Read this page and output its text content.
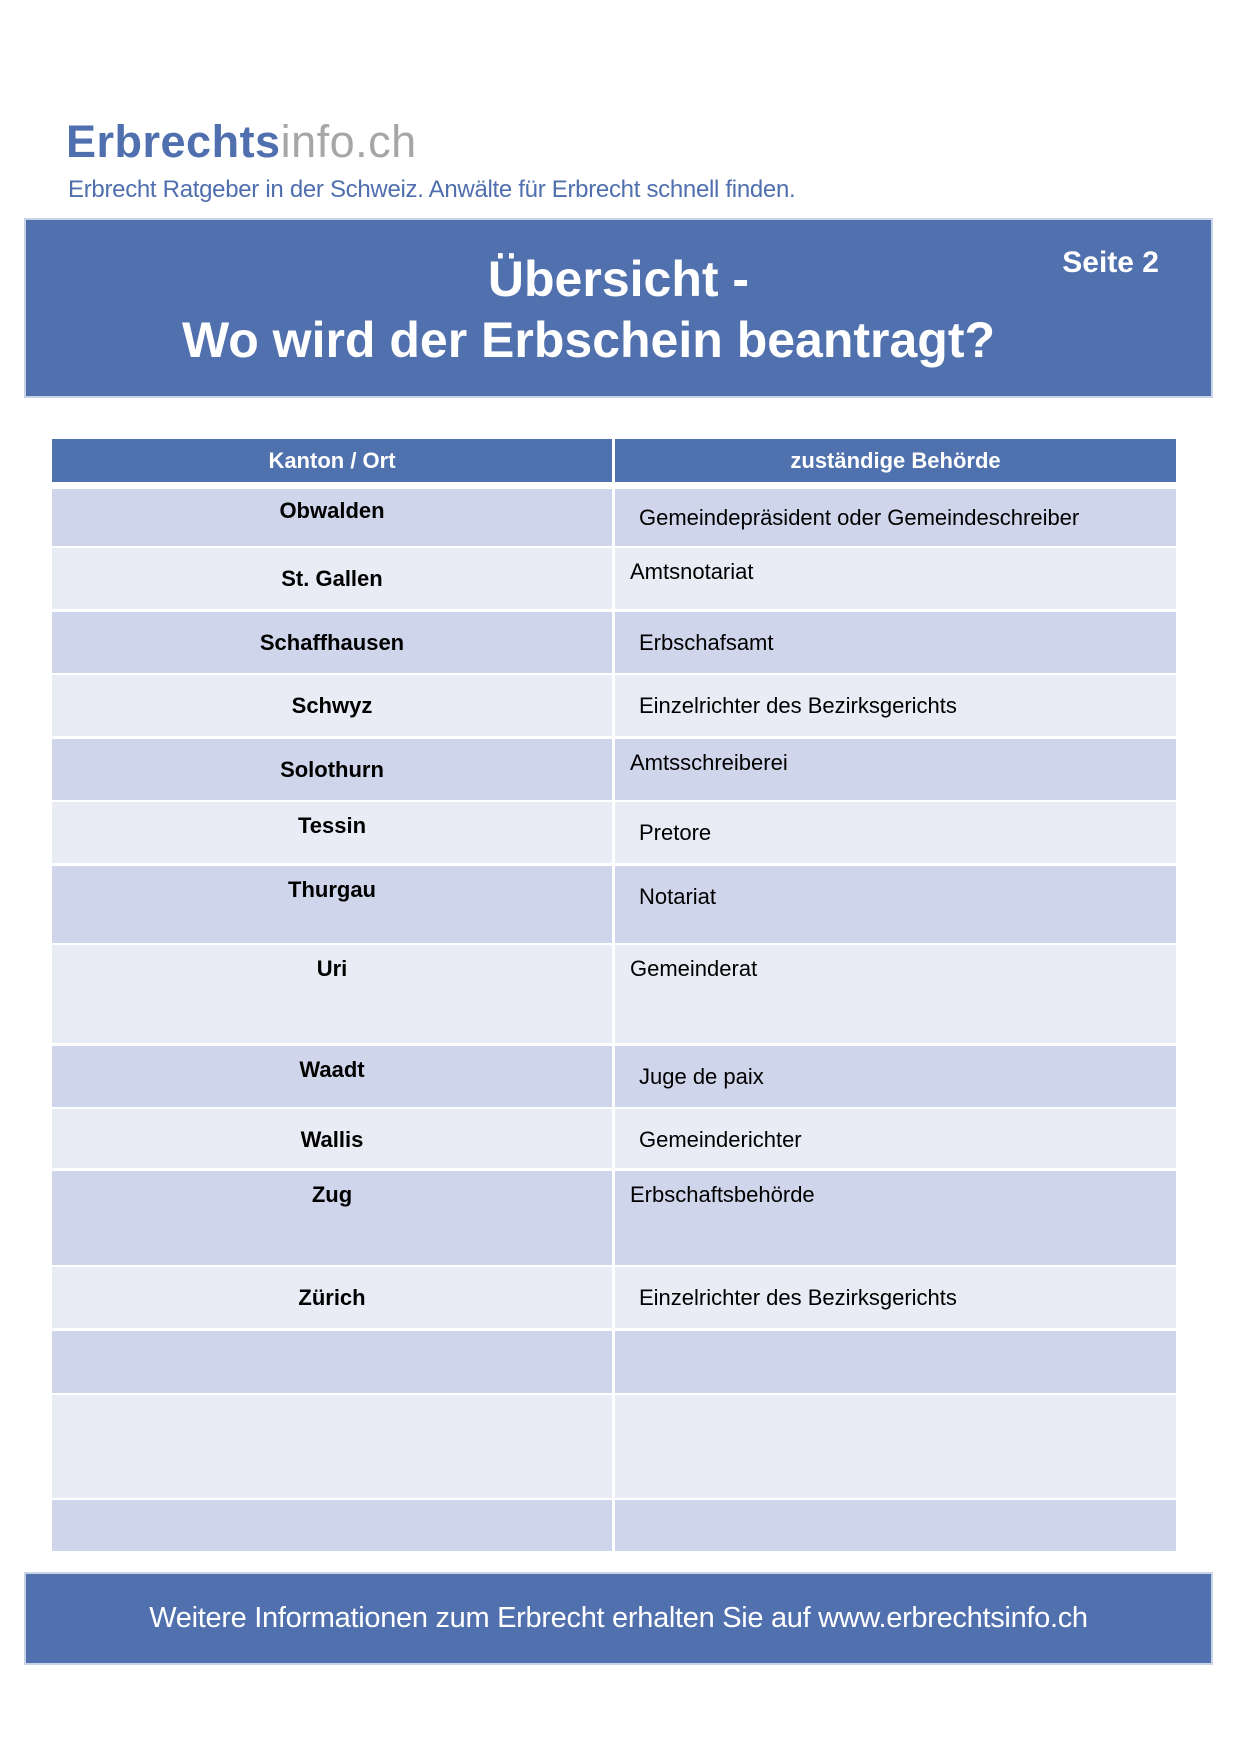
Erbrechtsinfo.ch
Erbrecht Ratgeber in der Schweiz. Anwälte für Erbrecht schnell finden.
Übersicht -
Wo wird der Erbschein beantragt?
Seite 2
Kanton / Ort	zuständige Behörde
Obwalden	Gemeindepräsident oder Gemeindeschreiber
St. Gallen	Amtsnotariat
Schaffhausen	Erbschafsamt
Schwyz	Einzelrichter des Bezirksgerichts
Solothurn	Amtsschreiberei
Tessin	Pretore
Thurgau	Notariat
Uri	Gemeinderat
Waadt	Juge de paix
Wallis	Gemeinderichter
Zug	Erbschaftsbehörde
Zürich	Einzelrichter des Bezirksgerichts
Weitere Informationen zum Erbrecht erhalten Sie auf www.erbrechtsinfo.ch
